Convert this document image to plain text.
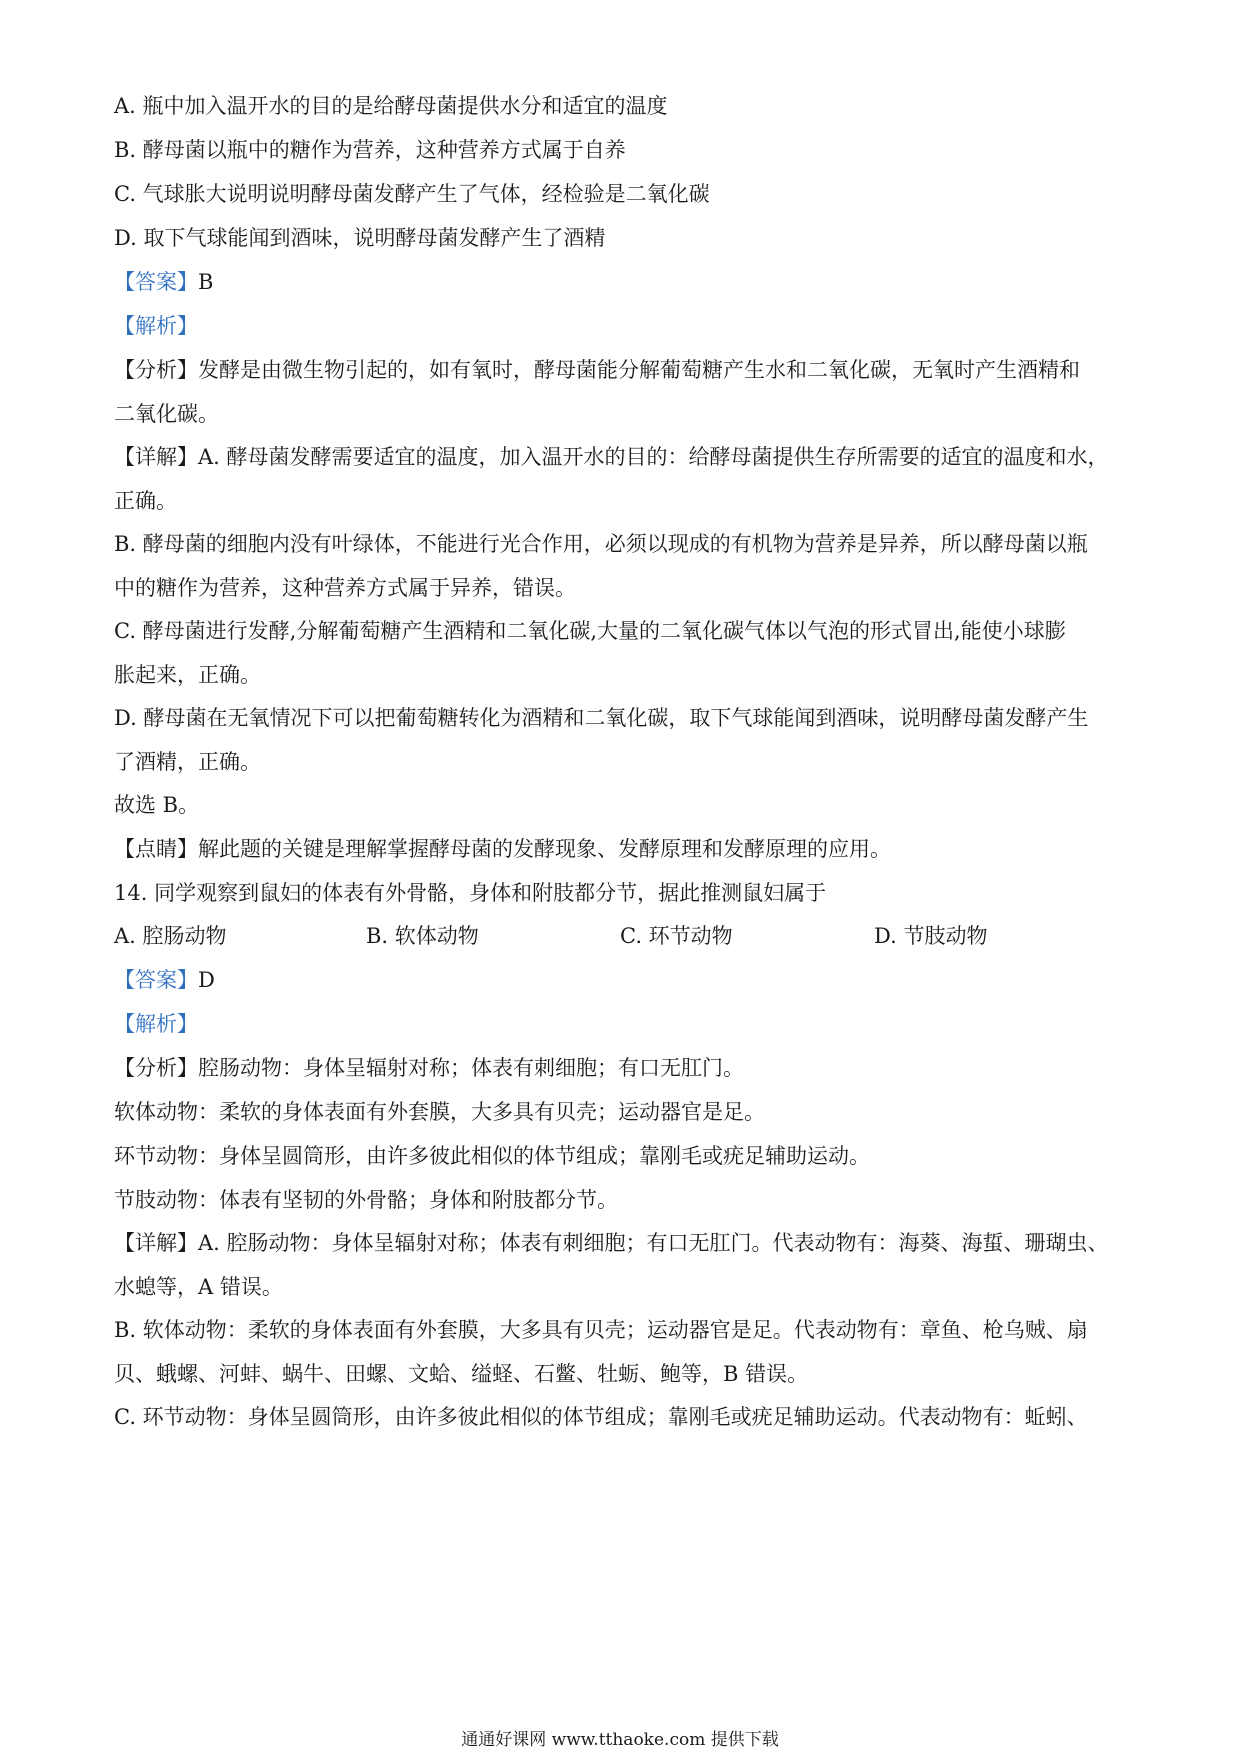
A. 瓶中加入温开水的目的是给酵母菌提供水分和适宜的温度
B. 酵母菌以瓶中的糖作为营养，这种营养方式属于自养
C. 气球胀大说明说明酵母菌发酵产生了气体，经检验是二氧化碳
D. 取下气球能闻到酒味，说明酵母菌发酵产生了酒精
【答案】B
【解析】
【分析】发酵是由微生物引起的，如有氧时，酵母菌能分解葡萄糖产生水和二氧化碳，无氧时产生酒精和
二氧化碳。
【详解】A. 酵母菌发酵需要适宜的温度，加入温开水的目的：给酵母菌提供生存所需要的适宜的温度和水，
正确。
B. 酵母菌的细胞内没有叶绿体，不能进行光合作用，必须以现成的有机物为营养是异养，所以酵母菌以瓶
中的糖作为营养，这种营养方式属于异养，错误。
C. 酵母菌进行发酵,分解葡萄糖产生酒精和二氧化碳,大量的二氧化碳气体以气泡的形式冒出,能使小球膨
胀起来，正确。
D. 酵母菌在无氧情况下可以把葡萄糖转化为酒精和二氧化碳，取下气球能闻到酒味，说明酵母菌发酵产生
了酒精，正确。
故选 B。
【点睛】解此题的关键是理解掌握酵母菌的发酵现象、发酵原理和发酵原理的应用。
14. 同学观察到鼠妇的体表有外骨骼，身体和附肢都分节，据此推测鼠妇属于
A. 腔肠动物	B. 软体动物	C. 环节动物	D. 节肢动物
【答案】D
【解析】
【分析】腔肠动物：身体呈辐射对称；体表有刺细胞；有口无肛门。
软体动物：柔软的身体表面有外套膜，大多具有贝壳；运动器官是足。
环节动物：身体呈圆筒形，由许多彼此相似的体节组成；靠刚毛或疣足辅助运动。
节肢动物：体表有坚韧的外骨骼；身体和附肢都分节。
【详解】A. 腔肠动物：身体呈辐射对称；体表有刺细胞；有口无肛门。代表动物有：海葵、海蜇、珊瑚虫、
水螅等，A 错误。
B. 软体动物：柔软的身体表面有外套膜，大多具有贝壳；运动器官是足。代表动物有：章鱼、枪乌贼、扇
贝、蛾螺、河蚌、蜗牛、田螺、文蛤、缢蛏、石鳖、牡蛎、鲍等，B 错误。
C. 环节动物：身体呈圆筒形，由许多彼此相似的体节组成；靠刚毛或疣足辅助运动。代表动物有：蚯蚓、
通通好课网 www.tthaoke.com 提供下载
